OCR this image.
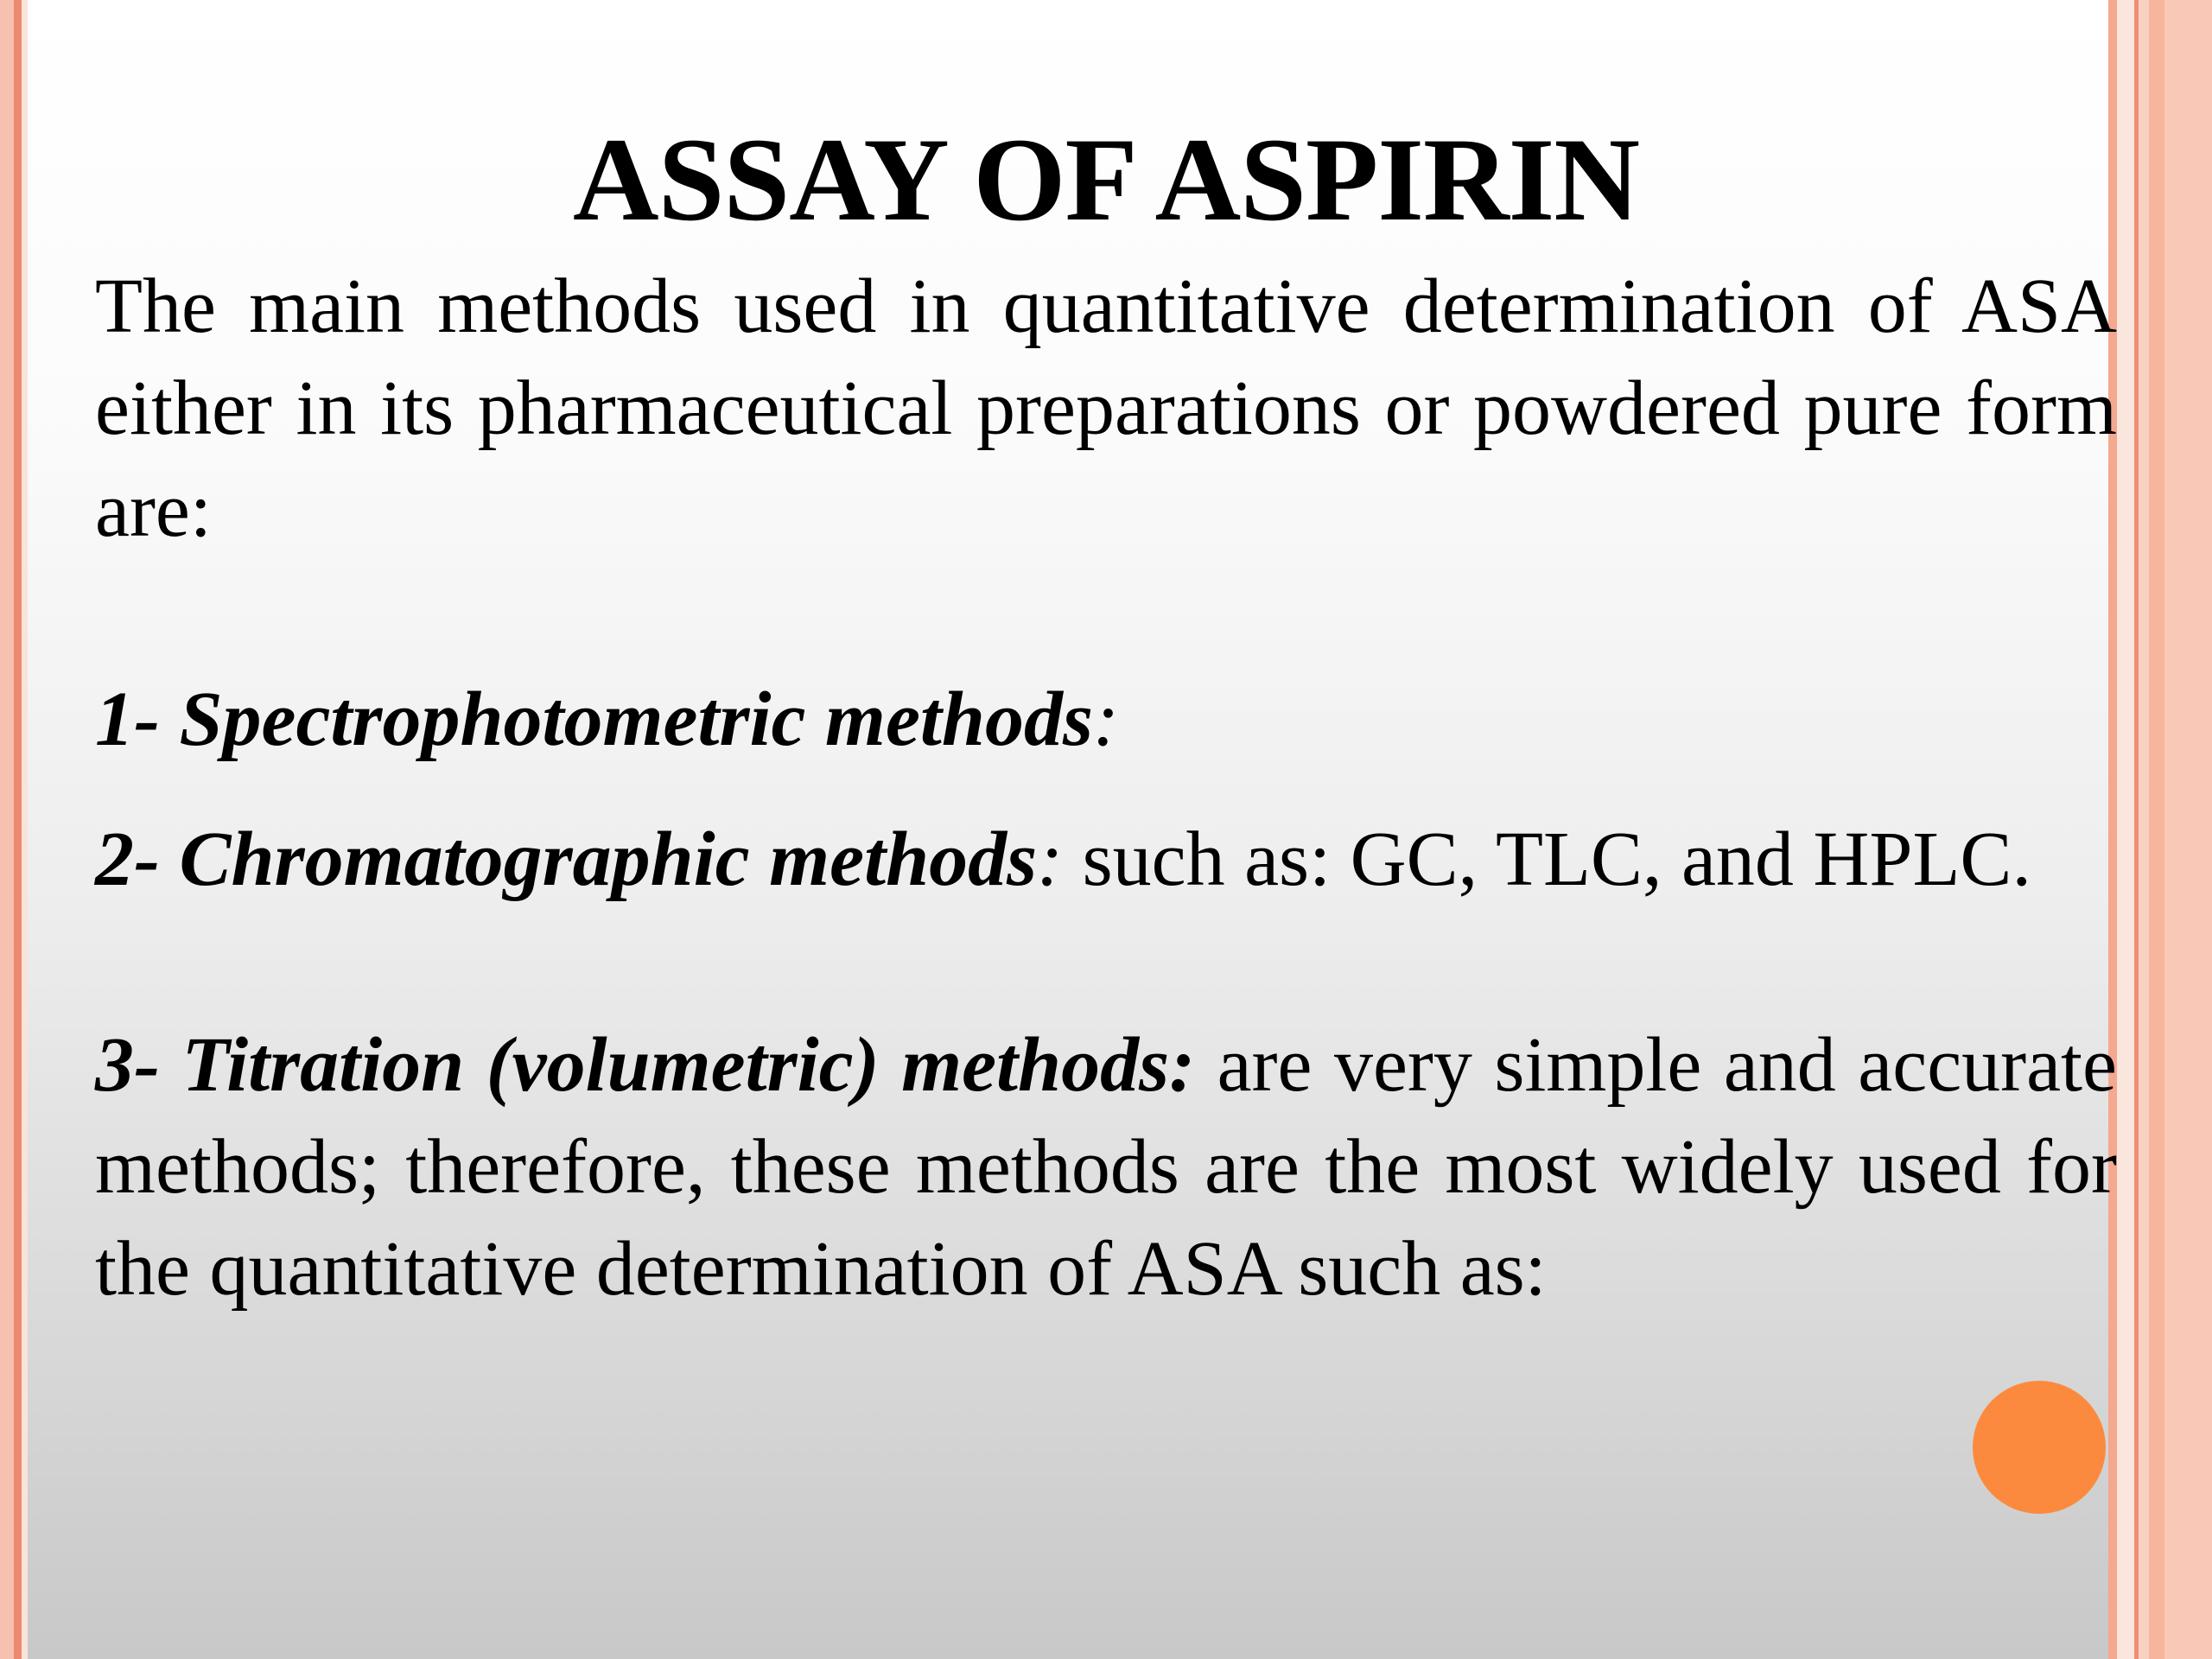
ASSAY OF ASPIRIN

The main methods used in quantitative determination of ASA either in its pharmaceutical preparations or powdered pure form are:

1- Spectrophotometric methods:

2- Chromatographic methods: such as: GC, TLC, and HPLC.

3- Titration (volumetric) methods: are very simple and accurate methods; therefore, these methods are the most widely used for the quantitative determination of ASA such as:
